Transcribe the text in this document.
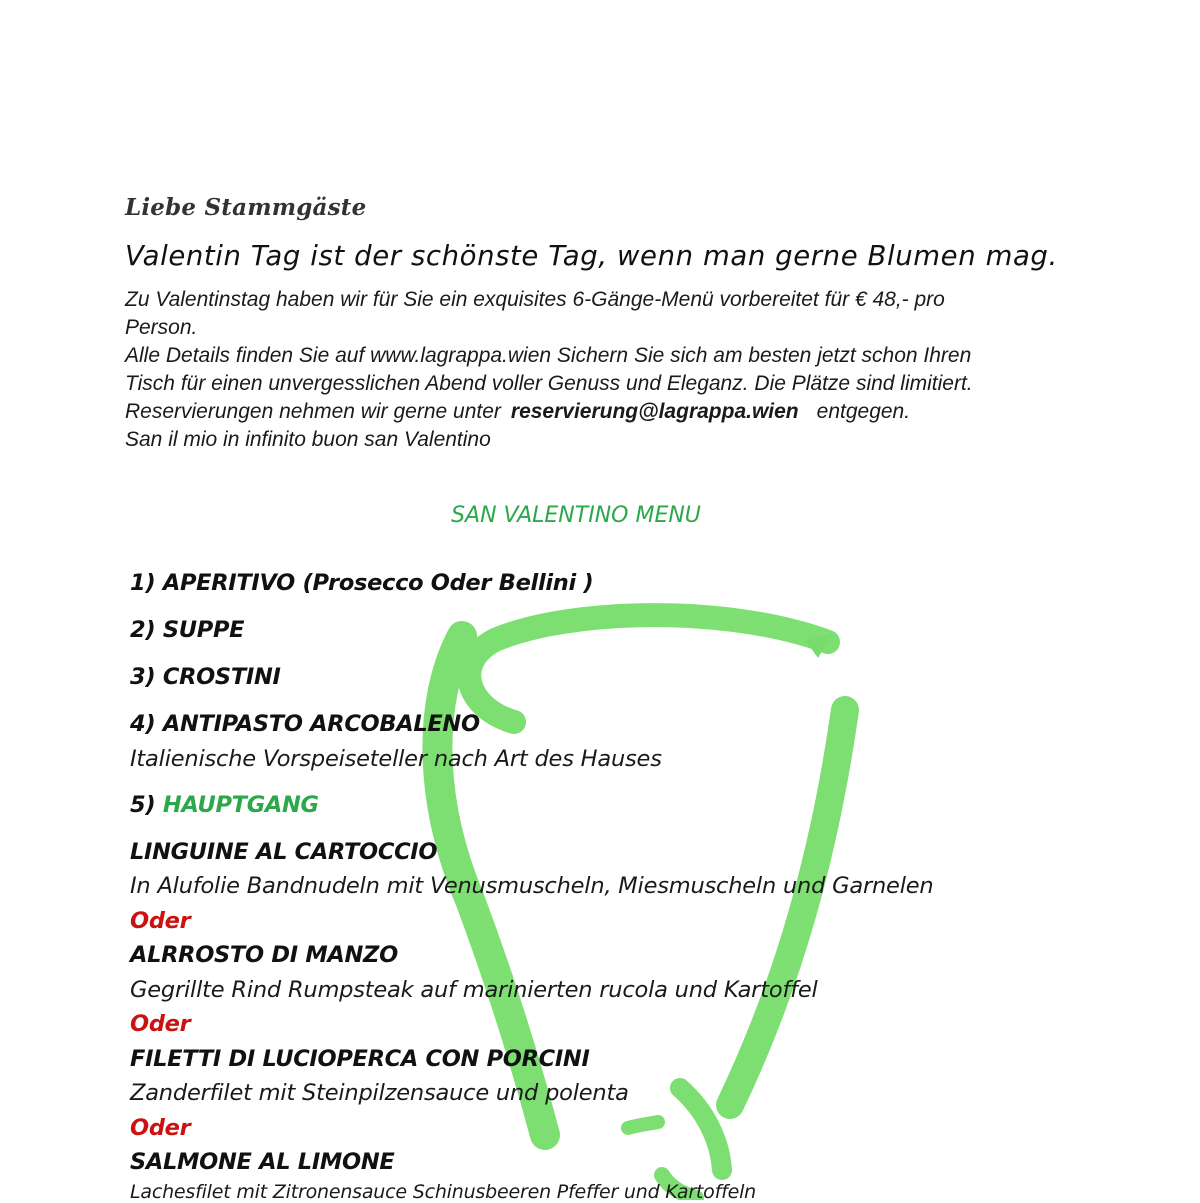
Liebe Stammgäste
Valentin Tag ist der schönste Tag, wenn man gerne Blumen mag.

Zu Valentinstag haben wir für Sie ein exquisites 6-Gänge-Menü vorbereitet für € 48,- pro

Person.

Alle Details finden Sie auf www.lagrappa.wien Sichern Sie sich am besten jetzt schon Ihren

Tisch für einen unvergesslichen Abend voller Genuss und Eleganz. Die Plätze sind limitiert.

Reservierungen nehmen wir gerne unter reservierung@lagrappa.wien entgegen.

San il mio in infinito buon san Valentino

SAN VALENTINO MENU
1) APERITIVO (Prosecco Oder Bellini )
2) SUPPE
3) CROSTINI
4) ANTIPASTO ARCOBALENO
Italienische Vorspeiseteller nach Art des Hauses
5) HAUPTGANG
LINGUINE AL CARTOCCIO
In Alufolie Bandnudeln mit Venusmuscheln, Miesmuscheln und Garnelen
Oder
ALRROSTO DI MANZO
Gegrillte Rind Rumpsteak auf marinierten rucola und Kartoffel
Oder
FILETTI DI LUCIOPERCA CON PORCINI
Zanderfilet mit Steinpilzensauce und polenta
Oder
SALMONE AL LIMONE
Lachesfilet mit Zitronensauce Schinusbeeren Pfeffer und Kartoffeln
